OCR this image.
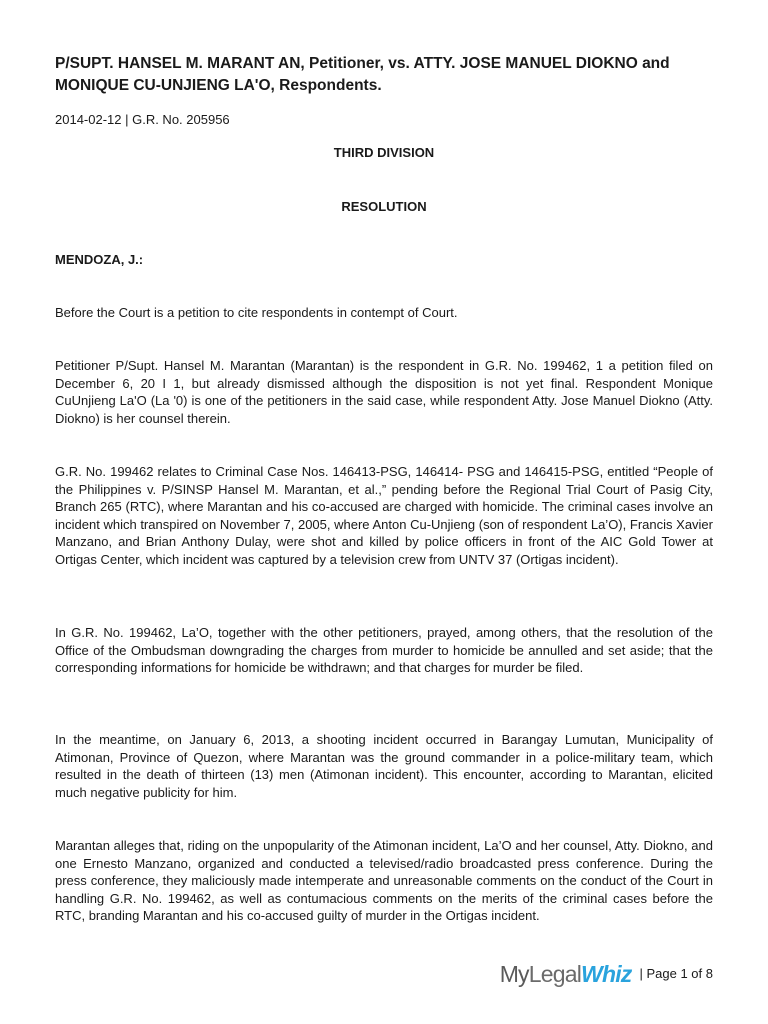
P/SUPT. HANSEL M. MARANT AN, Petitioner, vs. ATTY. JOSE MANUEL DIOKNO and MONIQUE CU-UNJIENG LA'O, Respondents.

2014-02-12 | G.R. No. 205956

THIRD DIVISION

RESOLUTION

MENDOZA, J.:

Before the Court is a petition to cite respondents in contempt of Court.

Petitioner P/Supt. Hansel M. Marantan (Marantan) is the respondent in G.R. No. 199462, 1 a petition filed on December 6, 20 I 1, but already dismissed although the disposition is not yet final. Respondent Monique CuUnjieng La'O (La '0) is one of the petitioners in the said case, while respondent Atty. Jose Manuel Diokno (Atty. Diokno) is her counsel therein.

G.R. No. 199462 relates to Criminal Case Nos. 146413-PSG, 146414- PSG and 146415-PSG, entitled “People of the Philippines v. P/SINSP Hansel M. Marantan, et al.,” pending before the Regional Trial Court of Pasig City, Branch 265 (RTC), where Marantan and his co-accused are charged with homicide. The criminal cases involve an incident which transpired on November 7, 2005, where Anton Cu-Unjieng (son of respondent La’O), Francis Xavier Manzano, and Brian Anthony Dulay, were shot and killed by police officers in front of the AIC Gold Tower at Ortigas Center, which incident was captured by a television crew from UNTV 37 (Ortigas incident).

In G.R. No. 199462, La’O, together with the other petitioners, prayed, among others, that the resolution of the Office of the Ombudsman downgrading the charges from murder to homicide be annulled and set aside; that the corresponding informations for homicide be withdrawn; and that charges for murder be filed.

In the meantime, on January 6, 2013, a shooting incident occurred in Barangay Lumutan, Municipality of Atimonan, Province of Quezon, where Marantan was the ground commander in a police-military team, which resulted in the death of thirteen (13) men (Atimonan incident). This encounter, according to Marantan, elicited much negative publicity for him.

Marantan alleges that, riding on the unpopularity of the Atimonan incident, La’O and her counsel, Atty. Diokno, and one Ernesto Manzano, organized and conducted a televised/radio broadcasted press conference. During the press conference, they maliciously made intemperate and unreasonable comments on the conduct of the Court in handling G.R. No. 199462, as well as contumacious comments on the merits of the criminal cases before the RTC, branding Marantan and his co-accused guilty of murder in the Ortigas incident.

My Legal Whiz | Page 1 of 8
